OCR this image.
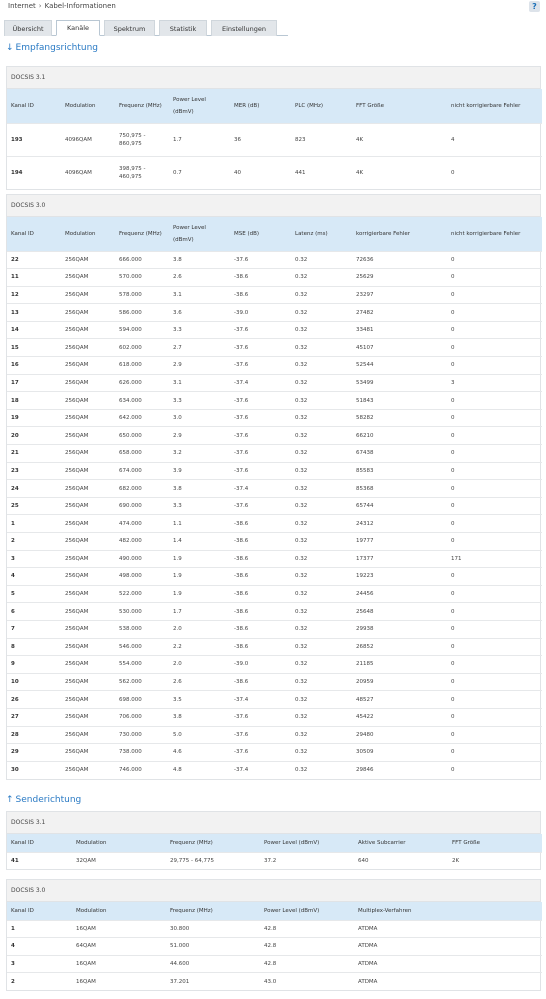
Internet › Kabel-Informationen	?
Übersicht	Kanäle	Spektrum	Statistik	Einstellungen
↓ Empfangsrichtung
DOCSIS 3.1
Kanal ID	Modulation	Frequenz (MHz)	Power Level (dBmV)	MER (dB)	PLC (MHz)	FFT Größe	nicht korrigierbare Fehler
193	4096QAM	750,975 - 860,975	1.7	36	823	4K	4
194	4096QAM	398,975 - 460,975	0.7	40	441	4K	0
DOCSIS 3.0
Kanal ID	Modulation	Frequenz (MHz)	Power Level (dBmV)	MSE (dB)	Latenz (ms)	korrigierbare Fehler	nicht korrigierbare Fehler
22	256QAM	666.000	3.8	-37.6	0.32	72636	0
11	256QAM	570.000	2.6	-38.6	0.32	25629	0
12	256QAM	578.000	3.1	-38.6	0.32	23297	0
13	256QAM	586.000	3.6	-39.0	0.32	27482	0
14	256QAM	594.000	3.3	-37.6	0.32	33481	0
15	256QAM	602.000	2.7	-37.6	0.32	45107	0
16	256QAM	618.000	2.9	-37.6	0.32	52544	0
17	256QAM	626.000	3.1	-37.4	0.32	53499	3
18	256QAM	634.000	3.3	-37.6	0.32	51843	0
19	256QAM	642.000	3.0	-37.6	0.32	58282	0
20	256QAM	650.000	2.9	-37.6	0.32	66210	0
21	256QAM	658.000	3.2	-37.6	0.32	67438	0
23	256QAM	674.000	3.9	-37.6	0.32	85583	0
24	256QAM	682.000	3.8	-37.4	0.32	85368	0
25	256QAM	690.000	3.3	-37.6	0.32	65744	0
1	256QAM	474.000	1.1	-38.6	0.32	24312	0
2	256QAM	482.000	1.4	-38.6	0.32	19777	0
3	256QAM	490.000	1.9	-38.6	0.32	17377	171
4	256QAM	498.000	1.9	-38.6	0.32	19223	0
5	256QAM	522.000	1.9	-38.6	0.32	24456	0
6	256QAM	530.000	1.7	-38.6	0.32	25648	0
7	256QAM	538.000	2.0	-38.6	0.32	29938	0
8	256QAM	546.000	2.2	-38.6	0.32	26852	0
9	256QAM	554.000	2.0	-39.0	0.32	21185	0
10	256QAM	562.000	2.6	-38.6	0.32	20959	0
26	256QAM	698.000	3.5	-37.4	0.32	48527	0
27	256QAM	706.000	3.8	-37.6	0.32	45422	0
28	256QAM	730.000	5.0	-37.6	0.32	29480	0
29	256QAM	738.000	4.6	-37.6	0.32	30509	0
30	256QAM	746.000	4.8	-37.4	0.32	29846	0
↑ Senderichtung
DOCSIS 3.1
Kanal ID	Modulation	Frequenz (MHz)	Power Level (dBmV)	Aktive Subcarrier	FFT Größe
41	32QAM	29,775 - 64,775	37.2	640	2K
DOCSIS 3.0
Kanal ID	Modulation	Frequenz (MHz)	Power Level (dBmV)	Multiplex-Verfahren
1	16QAM	30.800	42.8	ATDMA
4	64QAM	51.000	42.8	ATDMA
3	16QAM	44.600	42.8	ATDMA
2	16QAM	37.201	43.0	ATDMA
